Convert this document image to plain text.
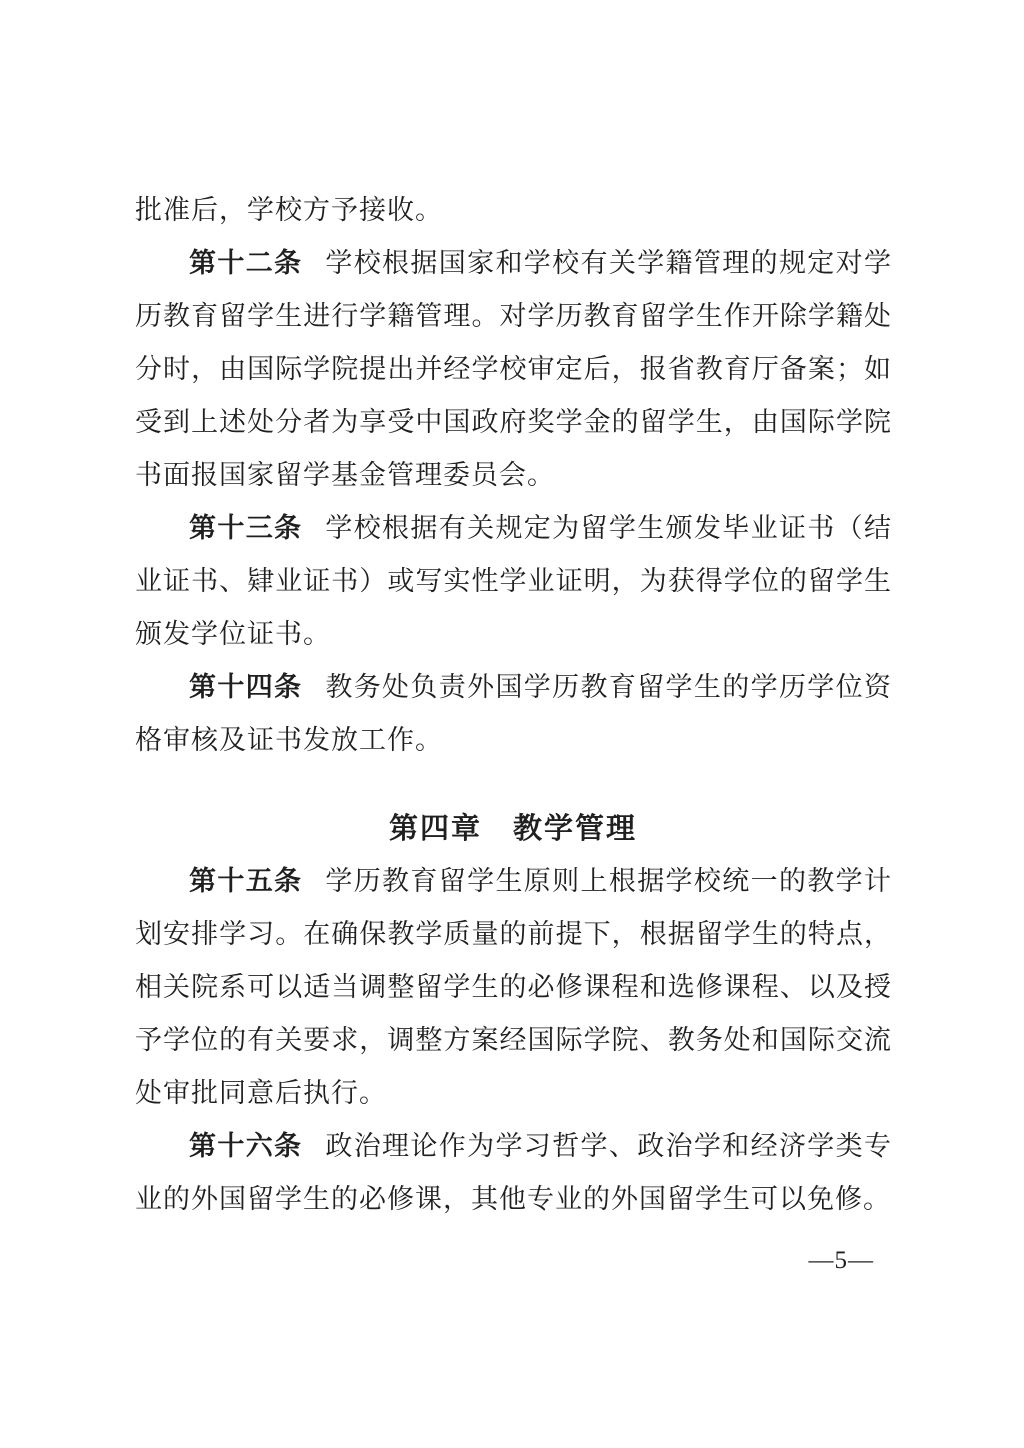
批准后，学校方予接收。
第十二条 学校根据国家和学校有关学籍管理的规定对学
历教育留学生进行学籍管理。对学历教育留学生作开除学籍处
分时，由国际学院提出并经学校审定后，报省教育厅备案；如
受到上述处分者为享受中国政府奖学金的留学生，由国际学院
书面报国家留学基金管理委员会。
第十三条 学校根据有关规定为留学生颁发毕业证书（结
业证书、肄业证书）或写实性学业证明，为获得学位的留学生
颁发学位证书。
第十四条 教务处负责外国学历教育留学生的学历学位资
格审核及证书发放工作。
第四章　教学管理
第十五条 学历教育留学生原则上根据学校统一的教学计
划安排学习。在确保教学质量的前提下，根据留学生的特点，
相关院系可以适当调整留学生的必修课程和选修课程、以及授
予学位的有关要求，调整方案经国际学院、教务处和国际交流
处审批同意后执行。
第十六条 政治理论作为学习哲学、政治学和经济学类专
业的外国留学生的必修课，其他专业的外国留学生可以免修。
—5—
